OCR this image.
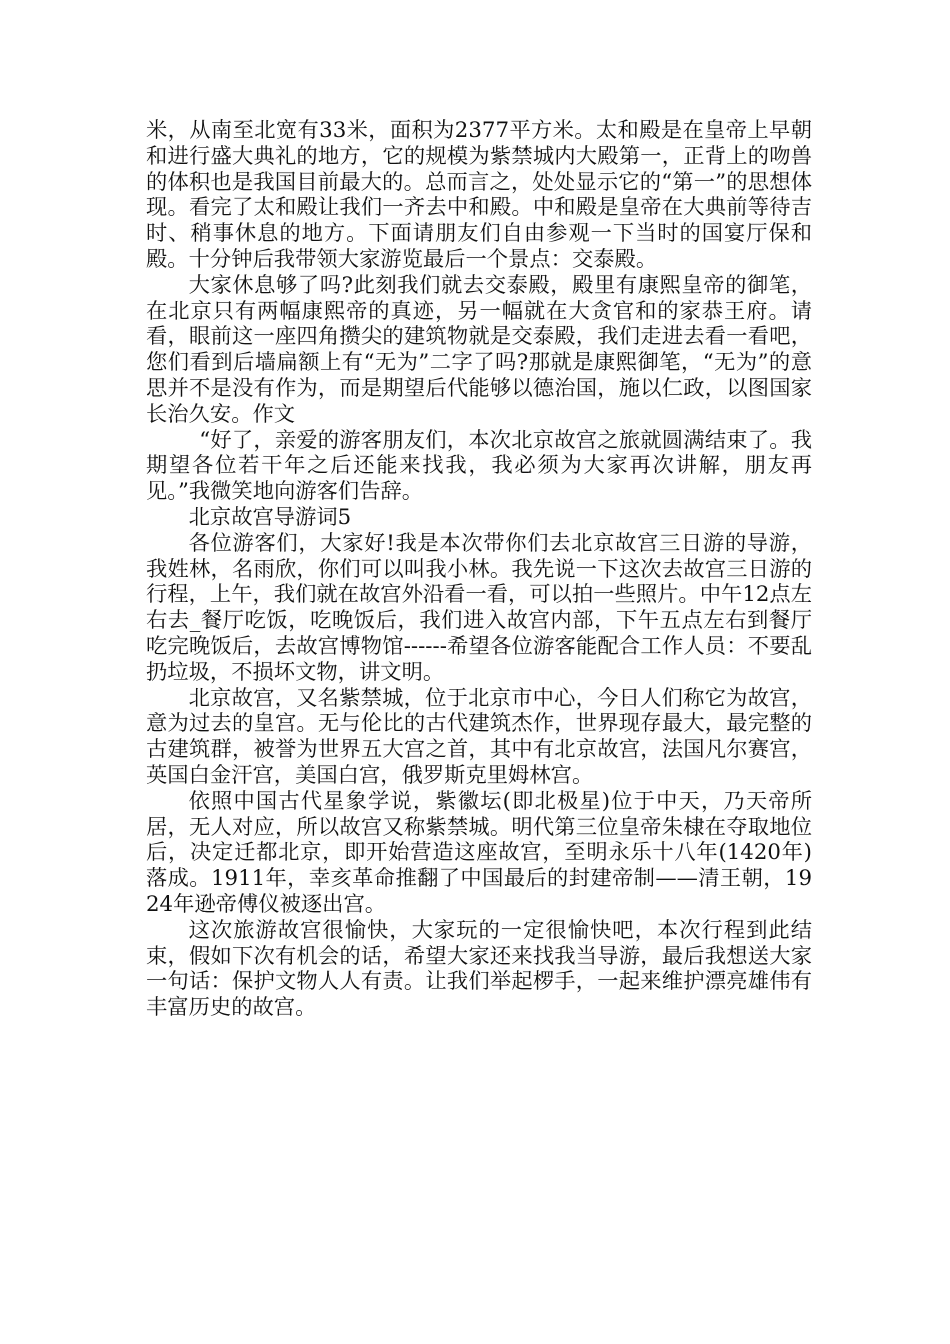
米，从南至北宽有33米，面积为2377平方米。太和殿是在皇帝上早朝和进行盛大典礼的地方，它的规模为紫禁城内大殿第一，正背上的吻兽的体积也是我国目前最大的。总而言之，处处显示它的“第一”的思想体现。看完了太和殿让我们一齐去中和殿。中和殿是皇帝在大典前等待吉时、稍事休息的地方。下面请朋友们自由参观一下当时的国宴厅保和殿。十分钟后我带领大家游览最后一个景点：交泰殿。

大家休息够了吗?此刻我们就去交泰殿，殿里有康熙皇帝的御笔，在北京只有两幅康熙帝的真迹，另一幅就在大贪官和的家恭王府。请看，眼前这一座四角攒尖的建筑物就是交泰殿，我们走进去看一看吧，您们看到后墙扁额上有“无为”二字了吗?那就是康熙御笔，“无为”的意思并不是没有作为，而是期望后代能够以德治国，施以仁政，以图国家长治久安。作文

“好了，亲爱的游客朋友们，本次北京故宫之旅就圆满结束了。我期望各位若干年之后还能来找我，我必须为大家再次讲解，朋友再见。”我微笑地向游客们告辞。

北京故宫导游词5

各位游客们，大家好!我是本次带你们去北京故宫三日游的导游，我姓林，名雨欣，你们可以叫我小林。我先说一下这次去故宫三日游的行程，上午，我们就在故宫外沿看一看，可以拍一些照片。中午12点左右去_餐厅吃饭，吃晚饭后，我们进入故宫内部，下午五点左右到餐厅吃完晚饭后，去故宫博物馆------希望各位游客能配合工作人员：不要乱扔垃圾，不损坏文物，讲文明。

北京故宫，又名紫禁城，位于北京市中心，今日人们称它为故宫，意为过去的皇宫。无与伦比的古代建筑杰作，世界现存最大，最完整的古建筑群，被誉为世界五大宫之首，其中有北京故宫，法国凡尔赛宫，英国白金汗宫，美国白宫，俄罗斯克里姆林宫。

依照中国古代星象学说，紫徽坛(即北极星)位于中天，乃天帝所居，无人对应，所以故宫又称紫禁城。明代第三位皇帝朱棣在夺取地位后，决定迁都北京，即开始营造这座故宫，至明永乐十八年(1420年)落成。1911年，幸亥革命推翻了中国最后的封建帝制——清王朝，1924年逊帝傅仪被逐出宫。

这次旅游故宫很愉快，大家玩的一定很愉快吧，本次行程到此结束，假如下次有机会的话，希望大家还来找我当导游，最后我想送大家一句话：保护文物人人有责。让我们举起椤手，一起来维护漂亮雄伟有丰富历史的故宫。
